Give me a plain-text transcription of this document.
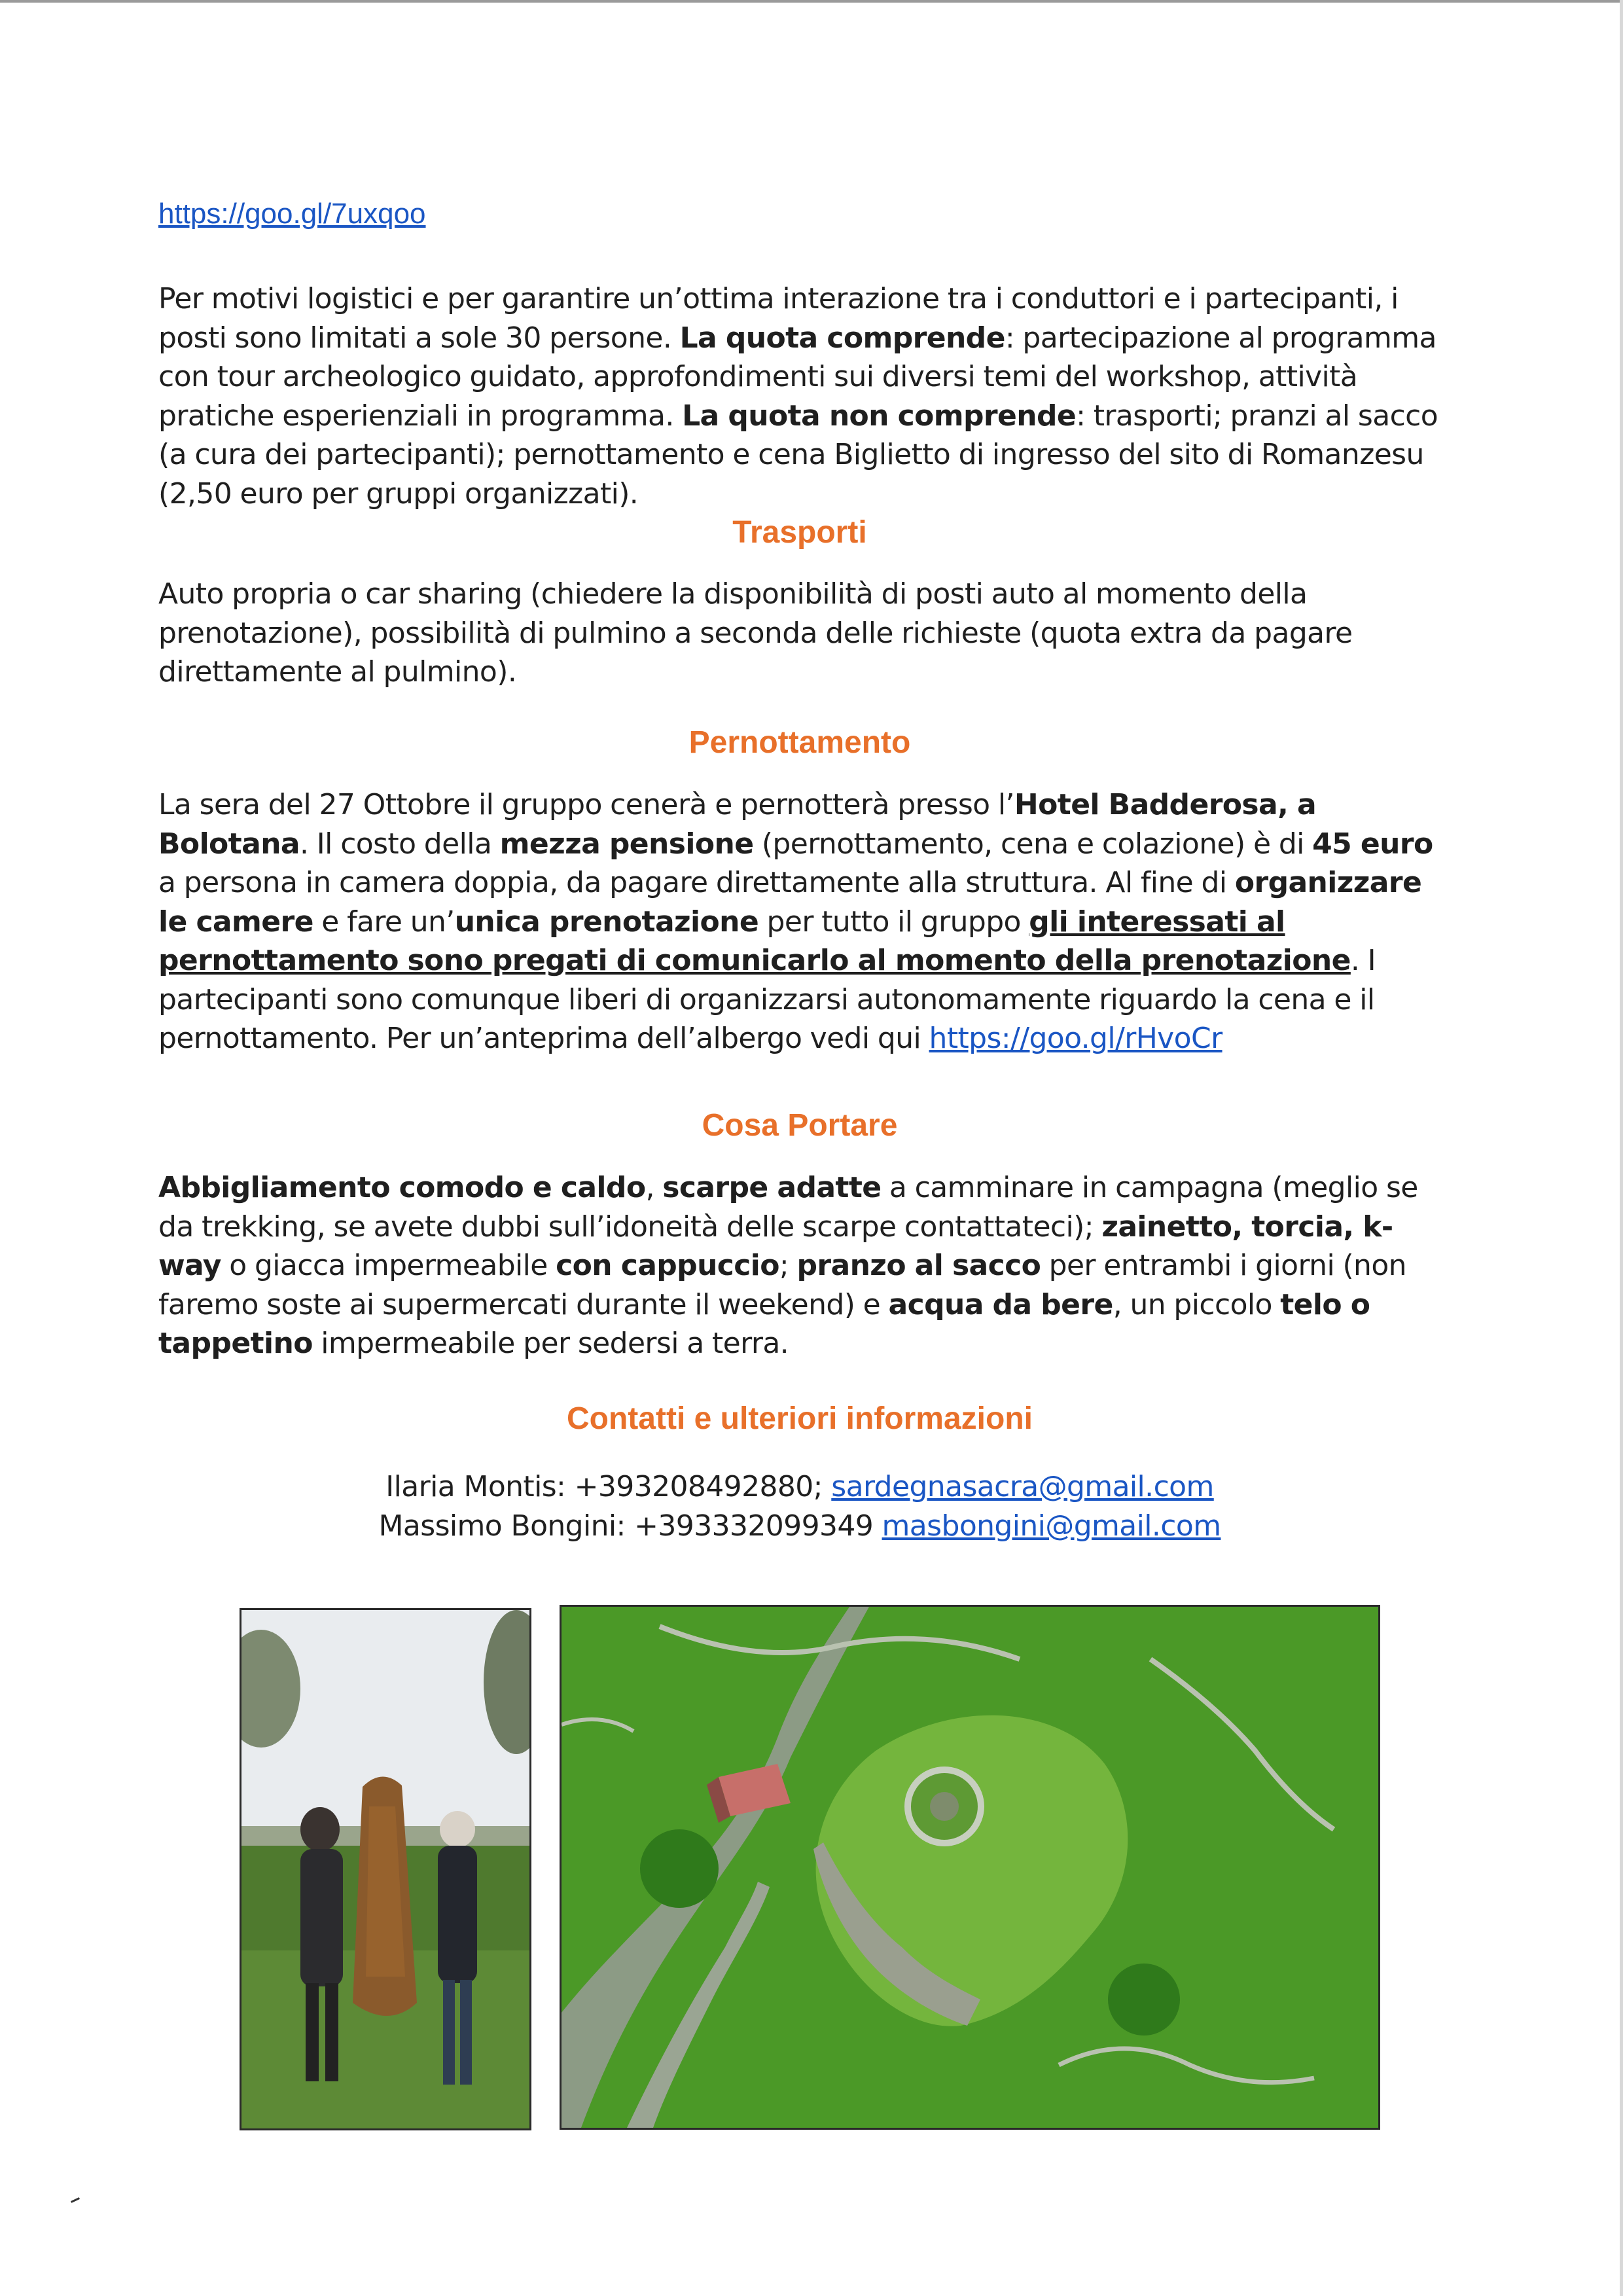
https://goo.gl/7uxqoo
Per motivi logistici e per garantire un’ottima interazione tra i conduttori e i partecipanti, i posti sono limitati a sole 30 persone. La quota comprende: partecipazione al programma con tour archeologico guidato, approfondimenti sui diversi temi del workshop, attività pratiche esperienziali in programma. La quota non comprende: trasporti; pranzi al sacco (a cura dei partecipanti); pernottamento e cena Biglietto di ingresso del sito di Romanzesu (2,50 euro per gruppi organizzati).
Trasporti
Auto propria o car sharing (chiedere la disponibilità di posti auto al momento della prenotazione), possibilità di pulmino a seconda delle richieste (quota extra da pagare direttamente al pulmino).
Pernottamento
La sera del 27 Ottobre il gruppo cenerà e pernotterà presso l’Hotel Badderosa, a Bolotana. Il costo della mezza pensione (pernottamento, cena e colazione) è di 45 euro a persona in camera doppia, da pagare direttamente alla struttura. Al fine di organizzare le camere e fare un’unica prenotazione per tutto il gruppo gli interessati al pernottamento sono pregati di comunicarlo al momento della prenotazione. I partecipanti sono comunque liberi di organizzarsi autonomamente riguardo la cena e il pernottamento. Per un’anteprima dell’albergo vedi qui https://goo.gl/rHvoCr
Cosa Portare
Abbigliamento comodo e caldo, scarpe adatte a camminare in campagna (meglio se da trekking, se avete dubbi sull’idoneità delle scarpe contattateci); zainetto, torcia, k-way o giacca impermeabile con cappuccio; pranzo al sacco per entrambi i giorni (non faremo soste ai supermercati durante il weekend) e acqua da bere, un piccolo telo o tappetino impermeabile per sedersi a terra.
Contatti e ulteriori informazioni
Ilaria Montis: +393208492880; sardegnasacra@gmail.com
Massimo Bongini: +393332099349 masbongini@gmail.com
